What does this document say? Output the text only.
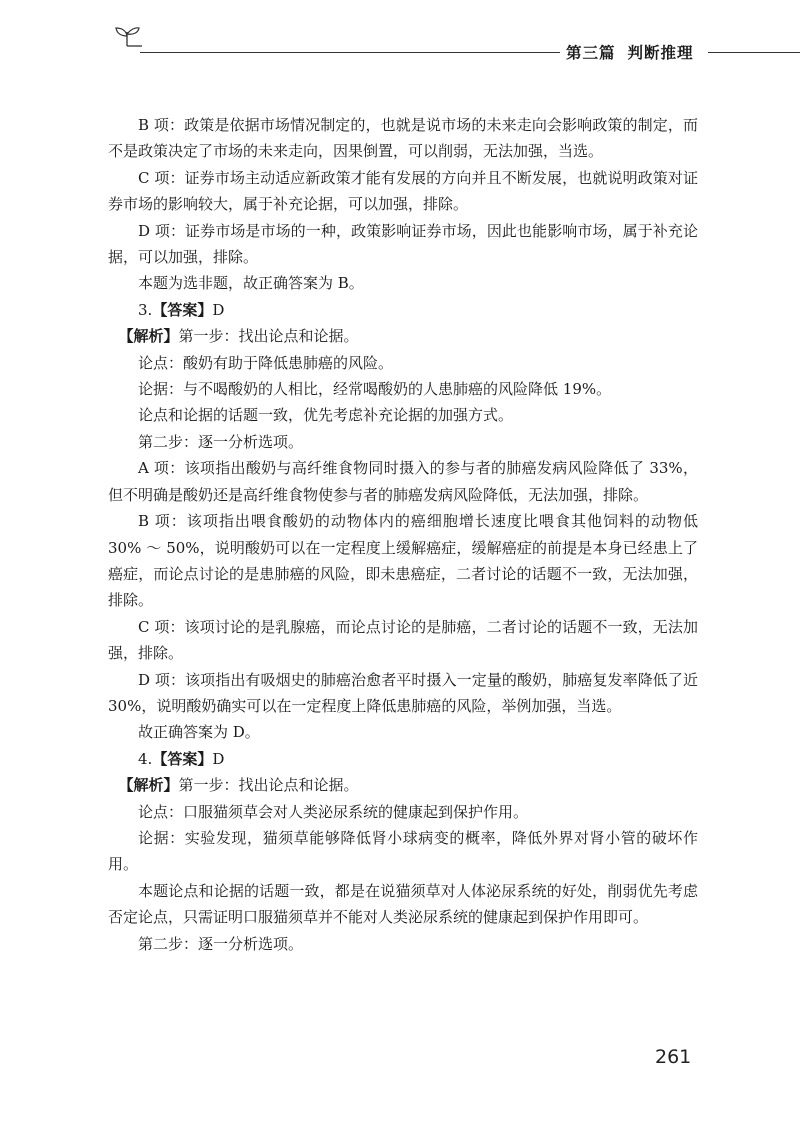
第三篇 判断推理

B 项：政策是依据市场情况制定的，也就是说市场的未来走向会影响政策的制定，而不是政策决定了市场的未来走向，因果倒置，可以削弱，无法加强，当选。

C 项：证券市场主动适应新政策才能有发展的方向并且不断发展，也就说明政策对证券市场的影响较大，属于补充论据，可以加强，排除。

D 项：证券市场是市场的一种，政策影响证券市场，因此也能影响市场，属于补充论据，可以加强，排除。

本题为选非题，故正确答案为 B。

3.【答案】D

【解析】第一步：找出论点和论据。

论点：酸奶有助于降低患肺癌的风险。

论据：与不喝酸奶的人相比，经常喝酸奶的人患肺癌的风险降低 19%。

论点和论据的话题一致，优先考虑补充论据的加强方式。

第二步：逐一分析选项。

A 项：该项指出酸奶与高纤维食物同时摄入的参与者的肺癌发病风险降低了 33%，但不明确是酸奶还是高纤维食物使参与者的肺癌发病风险降低，无法加强，排除。

B 项：该项指出喂食酸奶的动物体内的癌细胞增长速度比喂食其他饲料的动物低 30% ～ 50%，说明酸奶可以在一定程度上缓解癌症，缓解癌症的前提是本身已经患上了癌症，而论点讨论的是患肺癌的风险，即未患癌症，二者讨论的话题不一致，无法加强，排除。

C 项：该项讨论的是乳腺癌，而论点讨论的是肺癌，二者讨论的话题不一致，无法加强，排除。

D 项：该项指出有吸烟史的肺癌治愈者平时摄入一定量的酸奶，肺癌复发率降低了近 30%，说明酸奶确实可以在一定程度上降低患肺癌的风险，举例加强，当选。

故正确答案为 D。

4.【答案】D

【解析】第一步：找出论点和论据。

论点：口服猫须草会对人类泌尿系统的健康起到保护作用。

论据：实验发现，猫须草能够降低肾小球病变的概率，降低外界对肾小管的破坏作用。

本题论点和论据的话题一致，都是在说猫须草对人体泌尿系统的好处，削弱优先考虑否定论点，只需证明口服猫须草并不能对人类泌尿系统的健康起到保护作用即可。

第二步：逐一分析选项。

261
